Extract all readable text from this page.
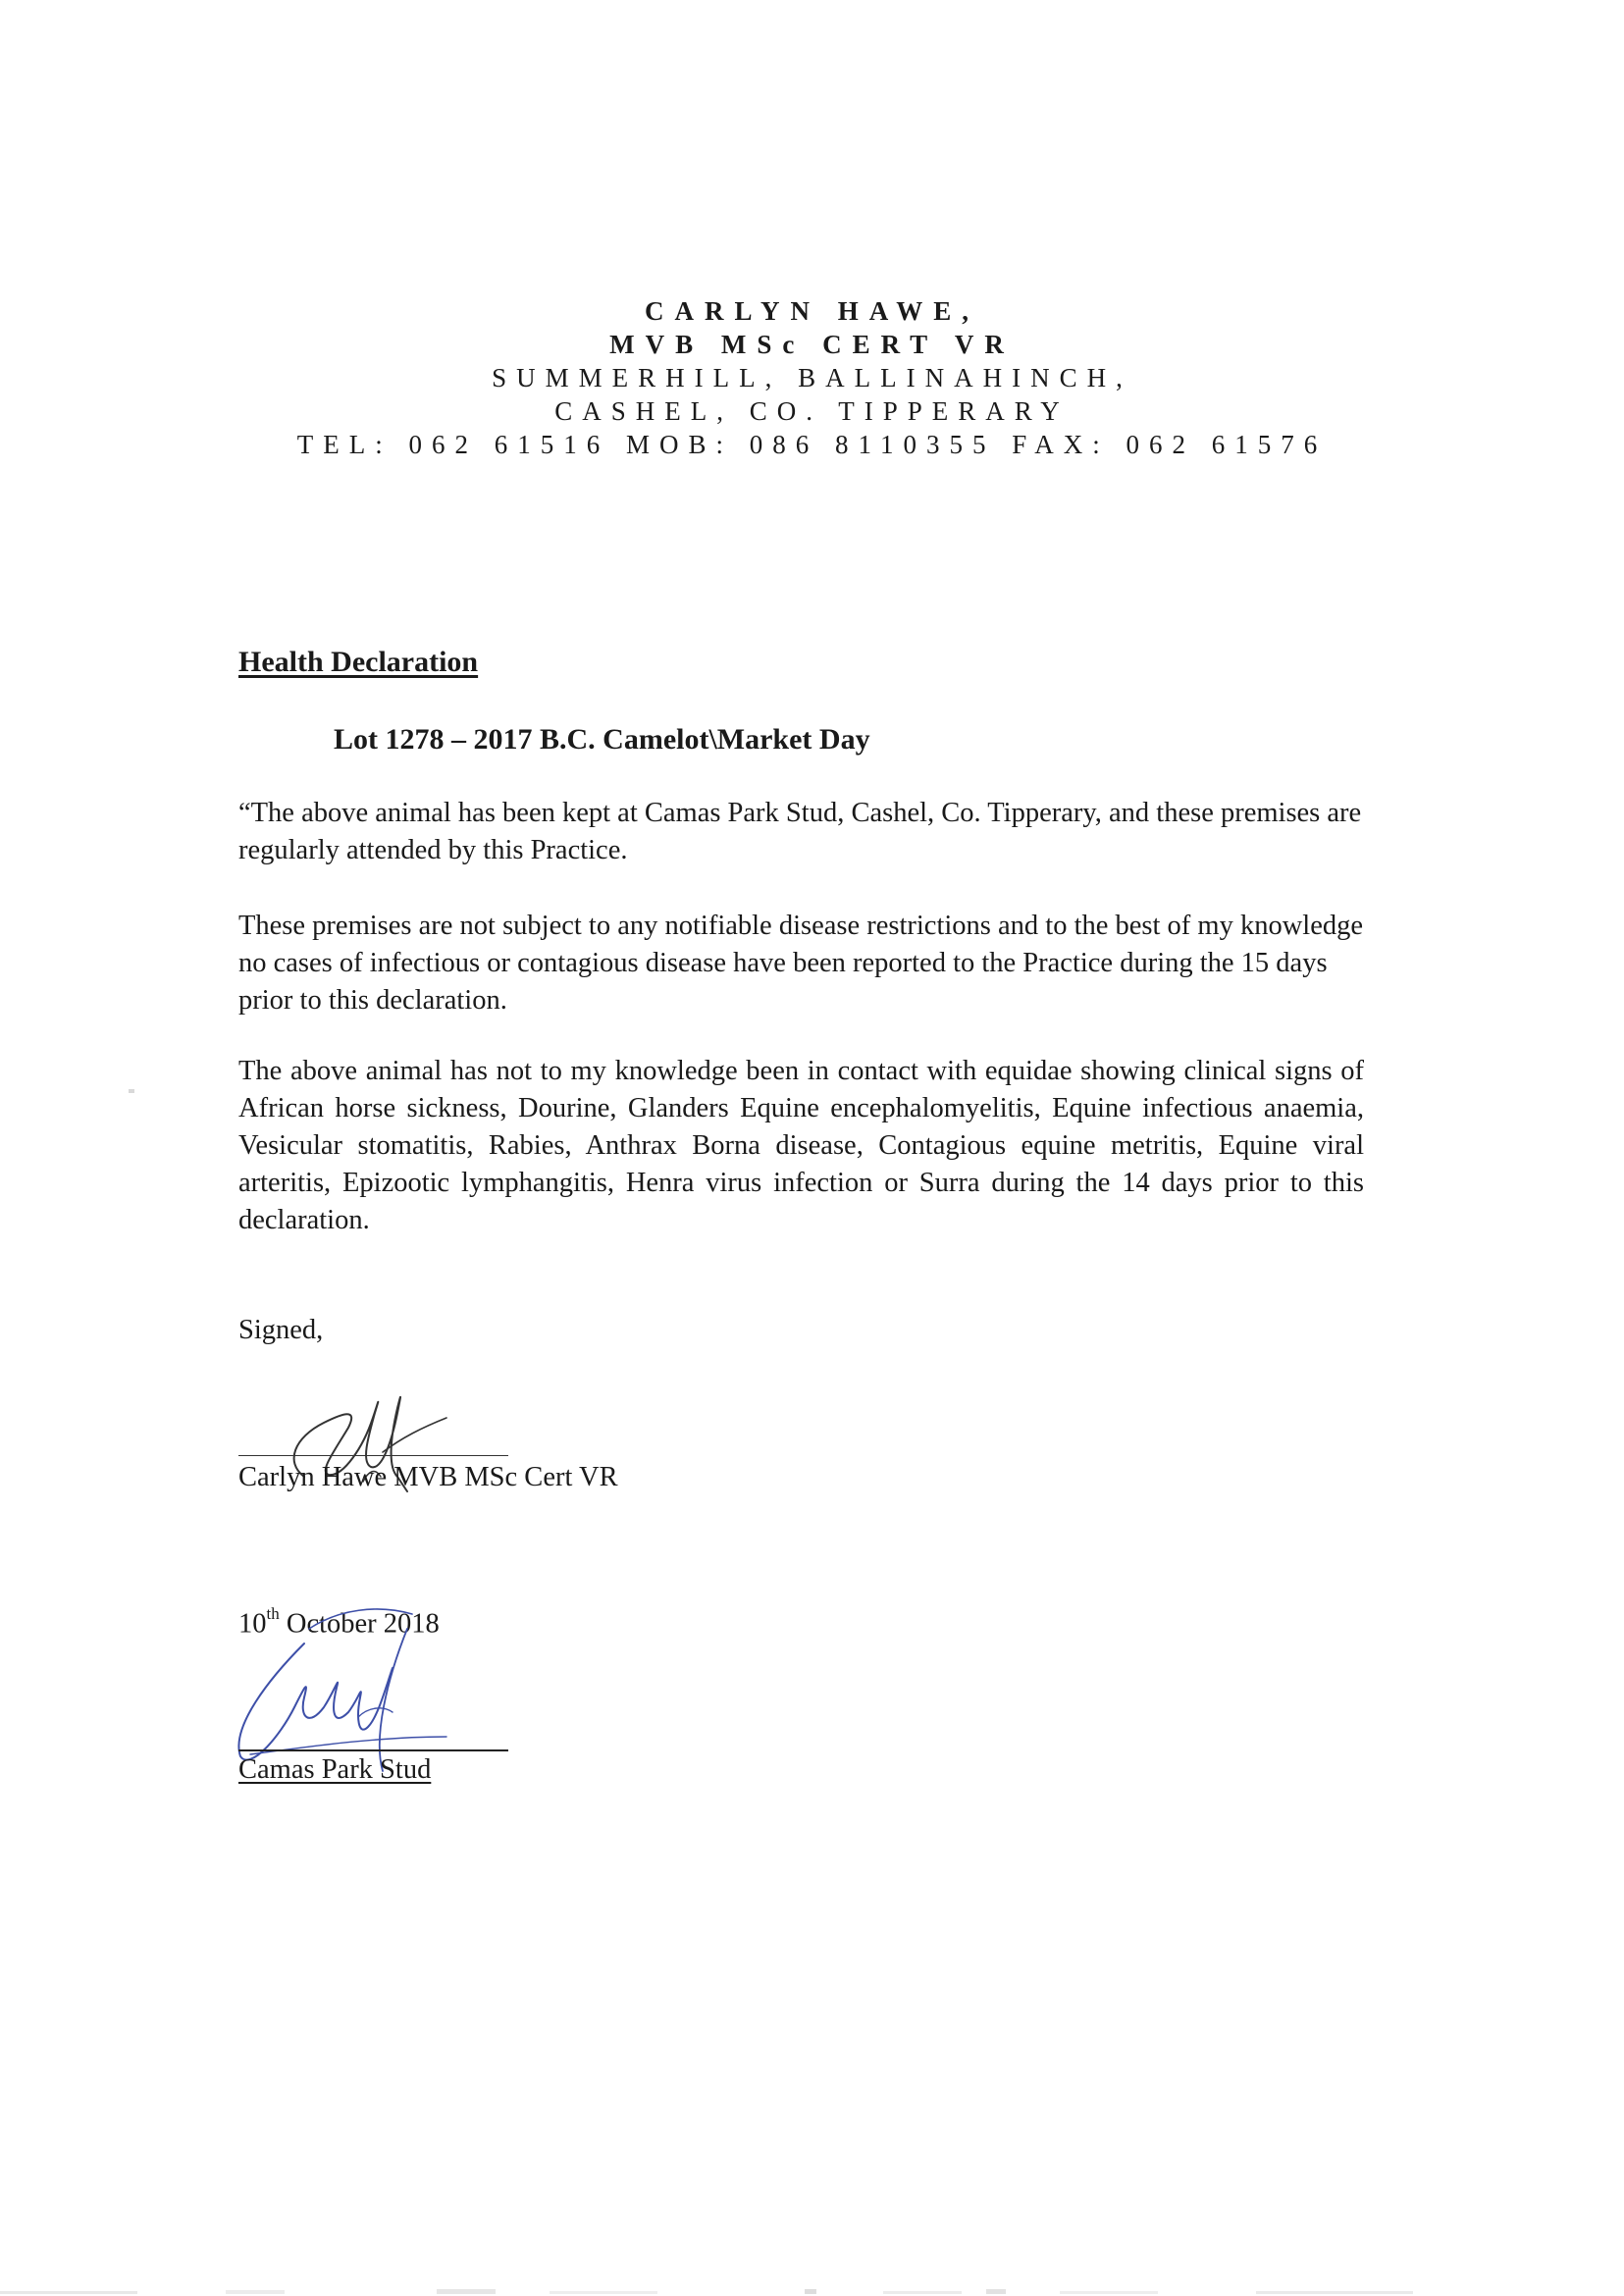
CARLYN HAWE,
MVB MSc CERT VR
SUMMERHILL, BALLINAHINCH,
CASHEL, CO. TIPPERARY
TEL: 062 61516 MOB: 086 8110355 FAX: 062 61576
Health Declaration
Lot 1278 – 2017 B.C. Camelot\Market Day

“The above animal has been kept at Camas Park Stud, Cashel, Co. Tipperary, and these premises are regularly attended by this Practice.

These premises are not subject to any notifiable disease restrictions and to the best of my knowledge no cases of infectious or contagious disease have been reported to the Practice during the 15 days prior to this declaration.

The above animal has not to my knowledge been in contact with equidae showing clinical signs of African horse sickness, Dourine, Glanders Equine encephalomyelitis, Equine infectious anaemia, Vesicular stomatitis, Rabies, Anthrax Borna disease, Contagious equine metritis, Equine viral arteritis, Epizootic lymphangitis, Henra virus infection or Surra during the 14 days prior to this declaration.

Signed,
Carlyn Hawe MVB MSc Cert VR
10th October 2018
Camas Park Stud
